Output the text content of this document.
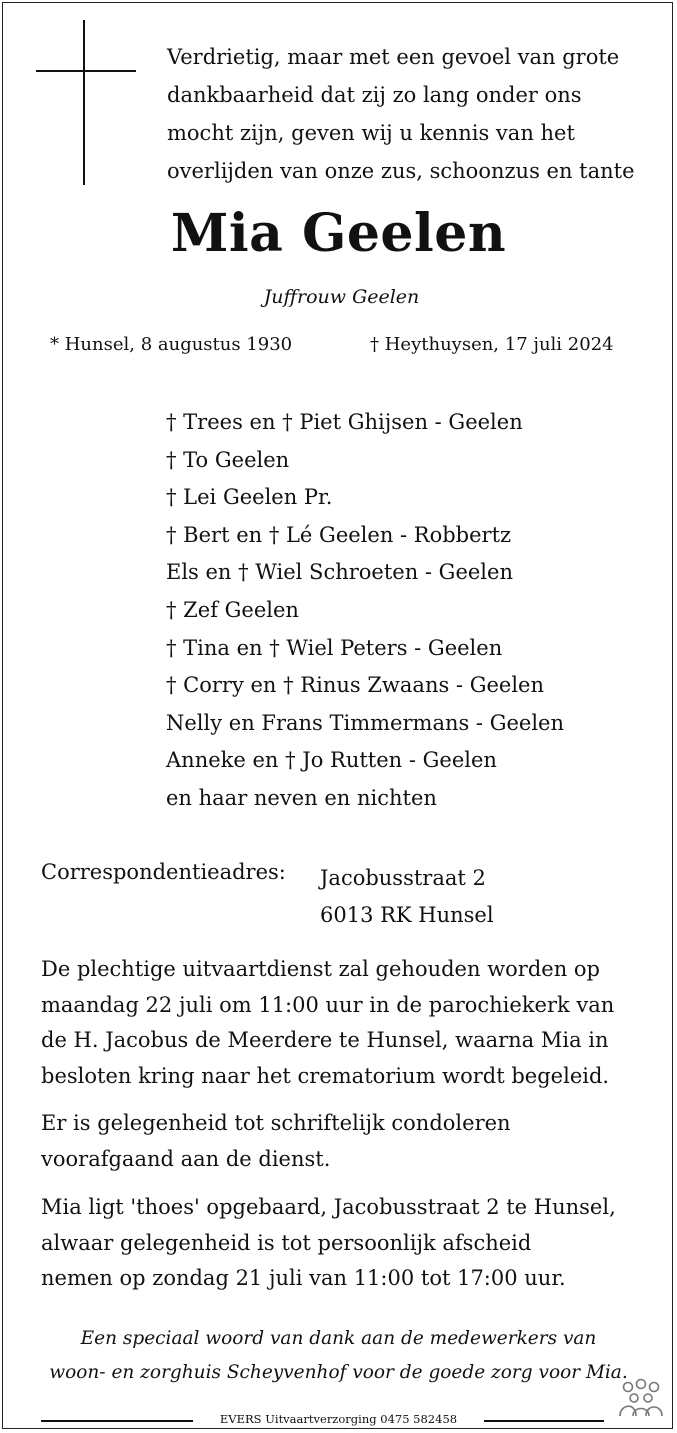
Verdrietig, maar met een gevoel van grote
dankbaarheid dat zij zo lang onder ons
mocht zijn, geven wij u kennis van het
overlijden van onze zus, schoonzus en tante
Mia Geelen
Juffrouw Geelen
* Hunsel, 8 augustus 1930	† Heythuysen, 17 juli 2024
† Trees en † Piet Ghijsen - Geelen
† To Geelen
† Lei Geelen Pr.
† Bert en † Lé Geelen - Robbertz
Els en † Wiel Schroeten - Geelen
† Zef Geelen
† Tina en † Wiel Peters - Geelen
† Corry en † Rinus Zwaans - Geelen
Nelly en Frans Timmermans - Geelen
Anneke en † Jo Rutten - Geelen
en haar neven en nichten
Correspondentieadres: Jacobusstraat 2
6013 RK Hunsel
De plechtige uitvaartdienst zal gehouden worden op
maandag 22 juli om 11:00 uur in de parochiekerk van
de H. Jacobus de Meerdere te Hunsel, waarna Mia in
besloten kring naar het crematorium wordt begeleid.
Er is gelegenheid tot schriftelijk condoleren
voorafgaand aan de dienst.
Mia ligt 'thoes' opgebaard, Jacobusstraat 2 te Hunsel,
alwaar gelegenheid is tot persoonlijk afscheid
nemen op zondag 21 juli van 11:00 tot 17:00 uur.
Een speciaal woord van dank aan de medewerkers van
woon- en zorghuis Scheyvenhof voor de goede zorg voor Mia.
EVERS Uitvaartverzorging 0475 582458
